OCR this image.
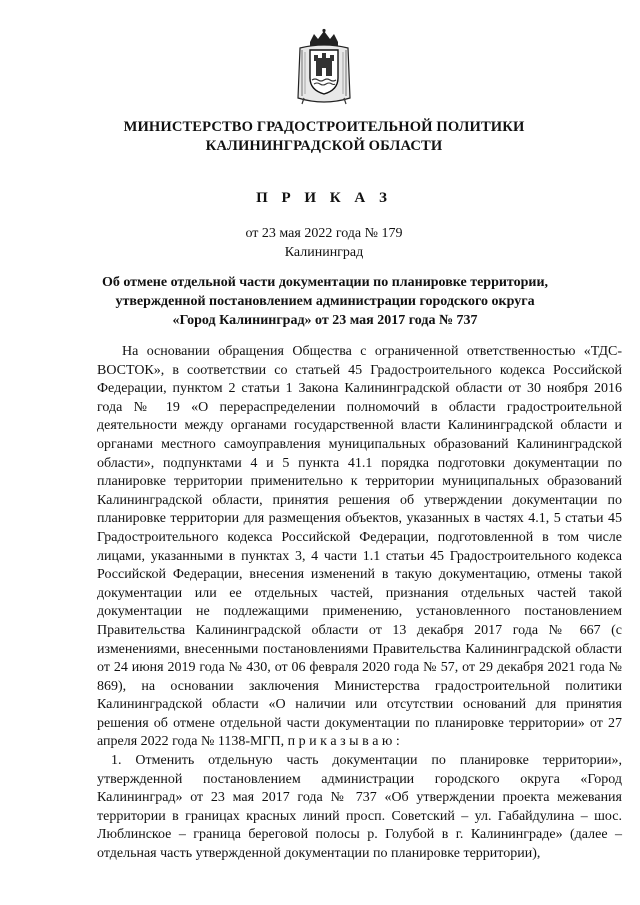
МИНИСТЕРСТВО ГРАДОСТРОИТЕЛЬНОЙ ПОЛИТИКИ
КАЛИНИНГРАДСКОЙ ОБЛАСТИ
П Р И К А З
от 23 мая 2022 года № 179
Калининград
Об отмене отдельной части документации по планировке территории,
утвержденной постановлением администрации городского округа
«Город Калининград» от 23 мая 2017 года № 737

На основании обращения Общества с ограниченной ответственностью «ТДС-ВОСТОК», в соответствии со статьей 45 Градостроительного кодекса Российской Федерации, пунктом 2 статьи 1 Закона Калининградской области от 30 ноября 2016 года № 19 «О перераспределении полномочий в области градостроительной деятельности между органами государственной власти Калининградской области и органами местного самоуправления муниципальных образований Калининградской области», подпунктами 4 и 5 пункта 41.1 порядка подготовки документации по планировке территории применительно к территории муниципальных образований Калининградской области, принятия решения об утверждении документации по планировке территории для размещения объектов, указанных в частях 4.1, 5 статьи 45 Градостроительного кодекса Российской Федерации, подготовленной в том числе лицами, указанными в пунктах 3, 4 части 1.1 статьи 45 Градостроительного кодекса Российской Федерации, внесения изменений в такую документацию, отмены такой документации или ее отдельных частей, признания отдельных частей такой документации не подлежащими применению, установленного постановлением Правительства Калининградской области от 13 декабря 2017 года № 667 (с изменениями, внесенными постановлениями Правительства Калининградской области от 24 июня 2019 года № 430, от 06 февраля 2020 года № 57, от 29 декабря 2021 года № 869), на основании заключения Министерства градостроительной политики Калининградской области «О наличии или отсутствии оснований для принятия решения об отмене отдельной части документации по планировке территории» от 27 апреля 2022 года № 1138-МГП, п р и к а з ы в а ю :

1. Отменить отдельную часть документации по планировке территории», утвержденной постановлением администрации городского округа «Город Калининград» от 23 мая 2017 года № 737 «Об утверждении проекта межевания территории в границах красных линий просп. Советский – ул. Габайдулина – шос. Люблинское – граница береговой полосы р. Голубой в г. Калининграде» (далее – отдельная часть утвержденной документации по планировке территории),
